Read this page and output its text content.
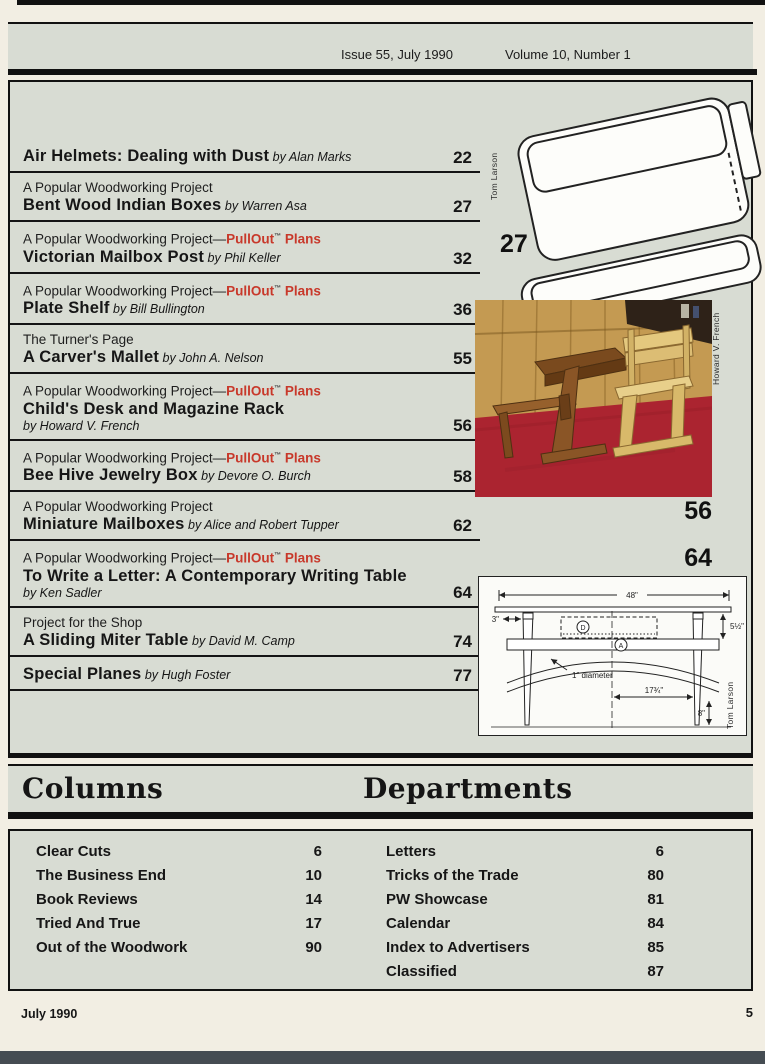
Issue 55, July 1990	Volume 10, Number 1
Air Helmets: Dealing with Dust by Alan Marks	22
A Popular Woodworking Project
Bent Wood Indian Boxes by Warren Asa	27
A Popular Woodworking Project—PullOut™ Plans
Victorian Mailbox Post by Phil Keller	32
A Popular Woodworking Project—PullOut™ Plans
Plate Shelf by Bill Bullington	36
The Turner's Page
A Carver's Mallet by John A. Nelson	55
A Popular Woodworking Project—PullOut™ Plans
Child's Desk and Magazine Rack
by Howard V. French	56
A Popular Woodworking Project—PullOut™ Plans
Bee Hive Jewelry Box by Devore O. Burch	58
A Popular Woodworking Project
Miniature Mailboxes by Alice and Robert Tupper	62
A Popular Woodworking Project—PullOut™ Plans
To Write a Letter: A Contemporary Writing Table
by Ken Sadler	64
Project for the Shop
A Sliding Miter Table by David M. Camp	74
Special Planes by Hugh Foster	77
Tom Larson
27
Howard V. French
56
64
48"
3"
5½"
D
A
1" diameter
17¾"
8" Tom Larson
Columns	Departments
Clear Cuts	6
The Business End	10
Book Reviews	14
Tried And True	17
Out of the Woodwork	90
Letters	6
Tricks of the Trade	80
PW Showcase	81
Calendar	84
Index to Advertisers	85
Classified	87
July 1990	5
